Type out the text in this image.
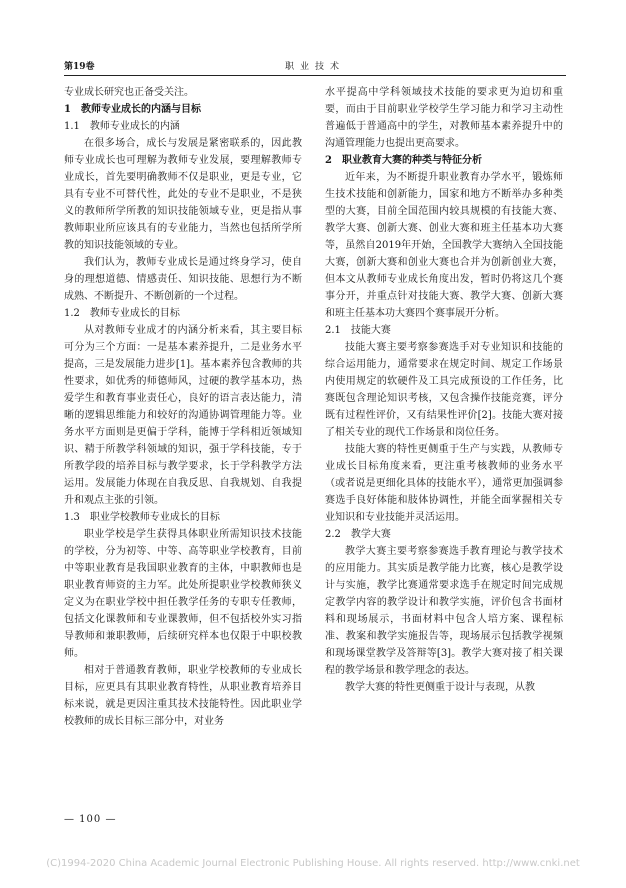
第19卷	职业技术

专业成长研究也正备受关注。

1　教师专业成长的内涵与目标
1.1　教师专业成长的内涵

在很多场合，成长与发展是紧密联系的，因此教师专业成长也可理解为教师专业发展，要理解教师专业成长，首先要明确教师不仅是职业，更是专业，它具有专业不可替代性，此处的专业不是职业，不是狭义的教师所学所教的知识技能领域专业，更是指从事教师职业所应该具有的专业能力，当然也包括所学所教的知识技能领域的专业。

我们认为，教师专业成长是通过终身学习，使自身的理想道德、情感责任、知识技能、思想行为不断成熟、不断提升、不断创新的一个过程。

1.2　教师专业成长的目标

从对教师专业成才的内涵分析来看，其主要目标可分为三个方面：一是基本素养提升，二是业务水平提高，三是发展能力进步[1]。基本素养包含教师的共性要求，如优秀的师德师风，过硬的教学基本功，热爱学生和教育事业责任心，良好的语言表达能力，清晰的逻辑思维能力和较好的沟通协调管理能力等。业务水平方面则是更偏于学科，能博于学科相近领域知识、精于所教学科领域的知识，强于学科技能，专于所教学段的培养目标与教学要求，长于学科教学方法运用。发展能力体现在自我反思、自我规划、自我提升和观点主张的引领。

1.3　职业学校教师专业成长的目标

职业学校是学生获得具体职业所需知识技术技能的学校，分为初等、中等、高等职业学校教育，目前中等职业教育是我国职业教育的主体，中职教师也是职业教育师资的主力军。此处所提职业学校教师狭义定义为在职业学校中担任教学任务的专职专任教师，包括文化课教师和专业课教师，但不包括校外实习指导教师和兼职教师，后续研究样本也仅限于中职校教师。

相对于普通教育教师，职业学校教师的专业成长目标，应更具有其职业教育特性，从职业教育培养目标来说，就是更因注重其技术技能特性。因此职业学校教师的成长目标三部分中，对业务

水平提高中学科领域技术技能的要求更为迫切和重要，而由于目前职业学校学生学习能力和学习主动性普遍低于普通高中的学生，对教师基本素养提升中的沟通管理能力也提出更高要求。

2　职业教育大赛的种类与特征分析

近年来，为不断提升职业教育办学水平，锻炼师生技术技能和创新能力，国家和地方不断举办多种类型的大赛，目前全国范围内较具规模的有技能大赛、教学大赛、创新大赛、创业大赛和班主任基本功大赛等，虽然自2019年开始，全国教学大赛纳入全国技能大赛，创新大赛和创业大赛也合并为创新创业大赛，但本文从教师专业成长角度出发，暂时仍将这几个赛事分开，并重点针对技能大赛、教学大赛、创新大赛和班主任基本功大赛四个赛事展开分析。

2.1　技能大赛

技能大赛主要考察参赛选手对专业知识和技能的综合运用能力，通常要求在规定时间、规定工作场景内使用规定的软硬件及工具完成预设的工作任务，比赛既包含理论知识考核，又包含操作技能竞赛，评分既有过程性评价，又有结果性评价[2]。技能大赛对接了相关专业的现代工作场景和岗位任务。

技能大赛的特性更侧重于生产与实践，从教师专业成长目标角度来看，更注重考核教师的业务水平（或者说是更细化具体的技能水平），通常更加强调参赛选手良好体能和肢体协调性，并能全面掌握相关专业知识和专业技能并灵活运用。

2.2　教学大赛

教学大赛主要考察参赛选手教育理论与教学技术的应用能力。其实质是教学能力比赛，核心是教学设计与实施，教学比赛通常要求选手在规定时间完成规定教学内容的教学设计和教学实施，评价包含书面材料和现场展示，书面材料中包含人培方案、课程标准、教案和教学实施报告等，现场展示包括教学视频和现场课堂教学及答辩等[3]。教学大赛对接了相关课程的教学场景和教学理念的表达。

教学大赛的特性更侧重于设计与表现，从教

— 100 —
(C)1994-2020 China Academic Journal Electronic Publishing House. All rights reserved. http://www.cnki.net
